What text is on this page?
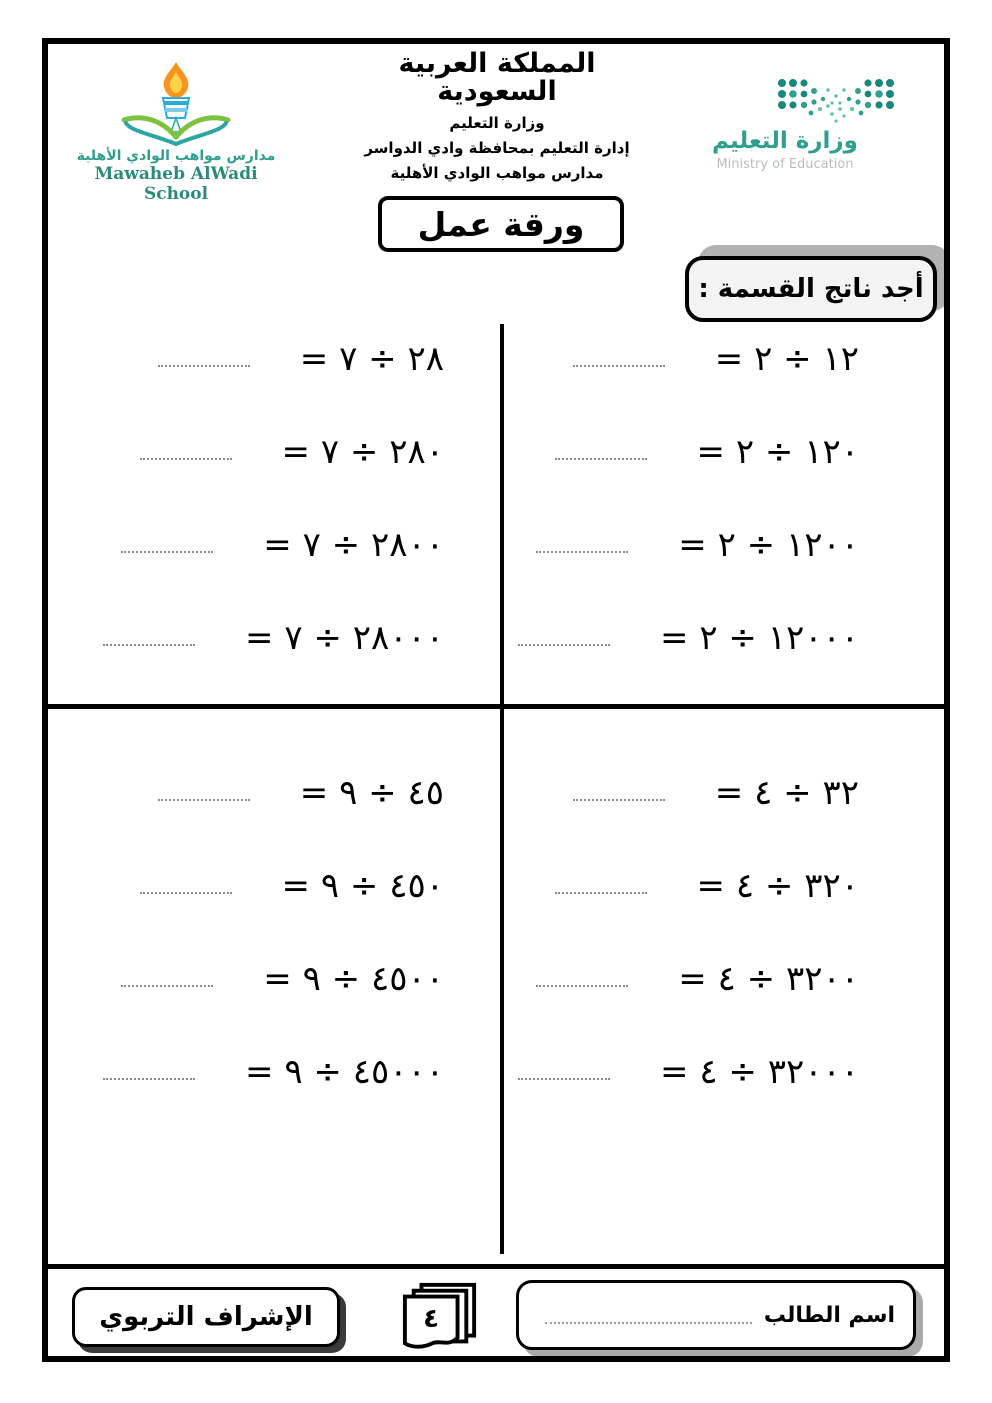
مدارس مواهب الوادي الأهلية
Mawaheb AlWadi School
المملكة العربية السعودية
وزارة التعليم
إدارة التعليم بمحافظة وادي الدواسر
مدارس مواهب الوادي الأهلية
وزارة التعليم
Ministry of Education
ورقة عمل
أجد ناتج القسمة :
١٢ ÷ ٢ =
١٢٠ ÷ ٢ =
١٢٠٠ ÷ ٢ =
١٢٠٠٠ ÷ ٢ =
٢٨ ÷ ٧ =
٢٨٠ ÷ ٧ =
٢٨٠٠ ÷ ٧ =
٢٨٠٠٠ ÷ ٧ =
٣٢ ÷ ٤ =
٣٢٠ ÷ ٤ =
٣٢٠٠ ÷ ٤ =
٣٢٠٠٠ ÷ ٤ =
٤٥ ÷ ٩ =
٤٥٠ ÷ ٩ =
٤٥٠٠ ÷ ٩ =
٤٥٠٠٠ ÷ ٩ =
الإشراف التربوي	٤	اسم الطالب
